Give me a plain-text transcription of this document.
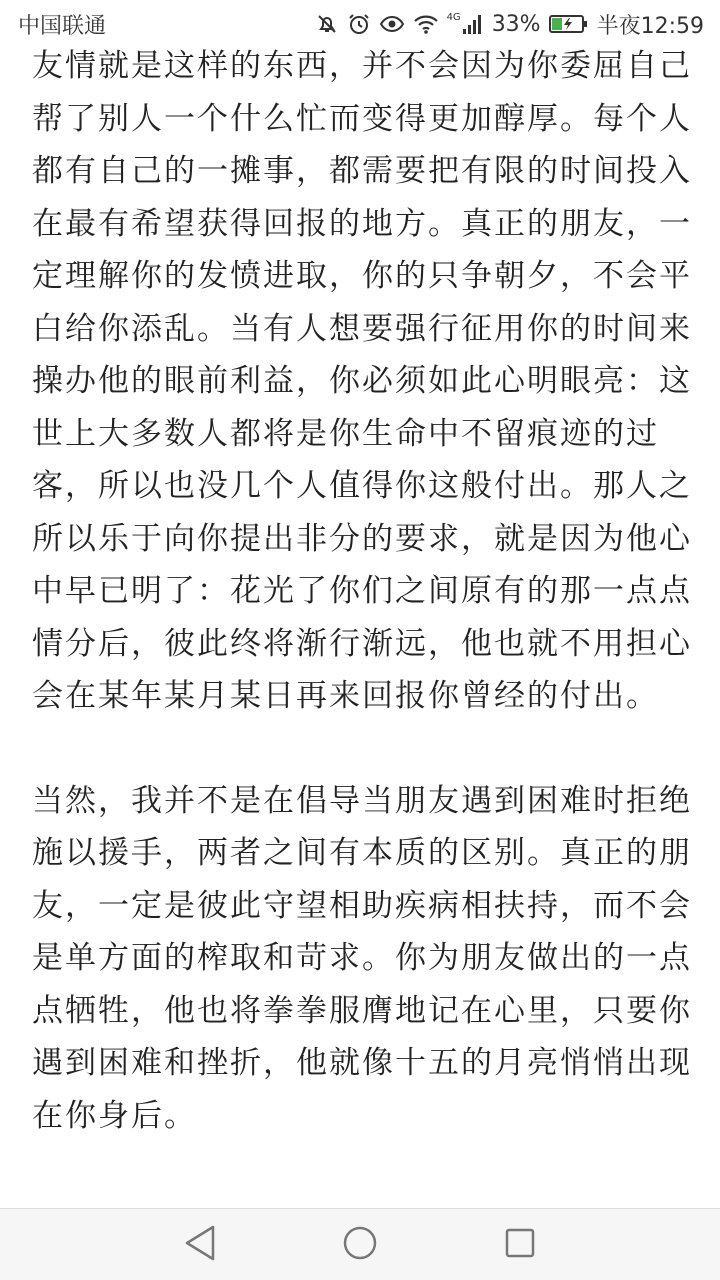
中国联通	4G 33%	半夜12:59

友情就是这样的东西，并不会因为你委屈自己帮了别人一个什么忙而变得更加醇厚。每个人都有自己的一摊事，都需要把有限的时间投入在最有希望获得回报的地方。真正的朋友，一定理解你的发愤进取，你的只争朝夕，不会平白给你添乱。当有人想要强行征用你的时间来操办他的眼前利益，你必须如此心明眼亮：这世上大多数人都将是你生命中不留痕迹的过客，所以也没几个人值得你这般付出。那人之所以乐于向你提出非分的要求，就是因为他心中早已明了：花光了你们之间原有的那一点点情分后，彼此终将渐行渐远，他也就不用担心会在某年某月某日再来回报你曾经的付出。

当然，我并不是在倡导当朋友遇到困难时拒绝施以援手，两者之间有本质的区别。真正的朋友，一定是彼此守望相助疾病相扶持，而不会是单方面的榨取和苛求。你为朋友做出的一点点牺牲，他也将拳拳服膺地记在心里，只要你遇到困难和挫折，他就像十五的月亮悄悄出现在你身后。
